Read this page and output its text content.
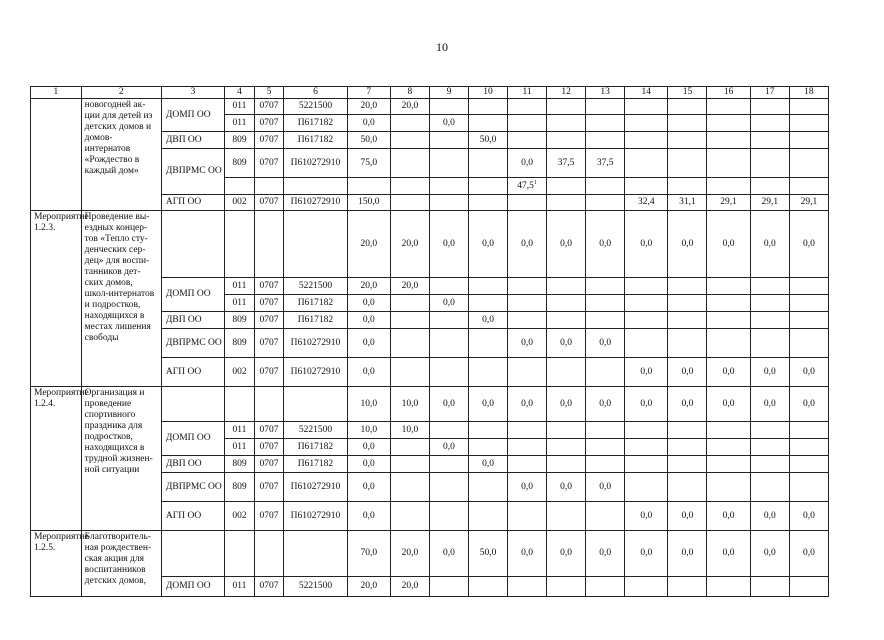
10
1	2	3	4	5	6	7	8	9	10	11	12	13	14	15	16	17	18
	новогодней ак- ции для детей из детских домов и домов- интернатов «Рождество в каждый дом»	ДОМП ОО	011	0707	5221500	20,0	20,0										
			011	0707	П617182	0,0		0,0									
		ДВП ОО	809	0707	П617182	50,0			50,0								
		ДВПРМС ОО	809	0707	П610272910	75,0				0,0	37,5	37,5					
										47,5$^1$							
		АГП ОО	002	0707	П610272910	150,0							32,4	31,1	29,1	29,1	29,1
Мероприятие 1.2.3.	Проведение вы- ездных концер- тов «Тепло сту- денческих сер- дец» для воспи- танников дет- ских домов, школ-интернатов и подростков, находящихся в местах лишения свободы					20,0	20,0	0,0	0,0	0,0	0,0	0,0	0,0	0,0	0,0	0,0	0,0
		ДОМП ОО	011	0707	5221500	20,0	20,0										
			011	0707	П617182	0,0		0,0									
		ДВП ОО	809	0707	П617182	0,0			0,0								
		ДВПРМС ОО	809	0707	П610272910	0,0				0,0	0,0	0,0					
		АГП ОО	002	0707	П610272910	0,0							0,0	0,0	0,0	0,0	0,0
Мероприятие 1.2.4.	Организация и проведение спортивного праздника для подростков, находящихся в трудной жизнен- ной ситуации					10,0	10,0	0,0	0,0	0,0	0,0	0,0	0,0	0,0	0,0	0,0	0,0
		ДОМП ОО	011	0707	5221500	10,0	10,0										
			011	0707	П617182	0,0		0,0									
		ДВП ОО	809	0707	П617182	0,0			0,0								
		ДВПРМС ОО	809	0707	П610272910	0,0				0,0	0,0	0,0					
		АГП ОО	002	0707	П610272910	0,0							0,0	0,0	0,0	0,0	0,0
Мероприятие 1.2.5.	Благотворитель- ная рождествен- ская акция для воспитанников детских домов,					70,0	20,0	0,0	50,0	0,0	0,0	0,0	0,0	0,0	0,0	0,0	0,0
		ДОМП ОО	011	0707	5221500	20,0	20,0										
